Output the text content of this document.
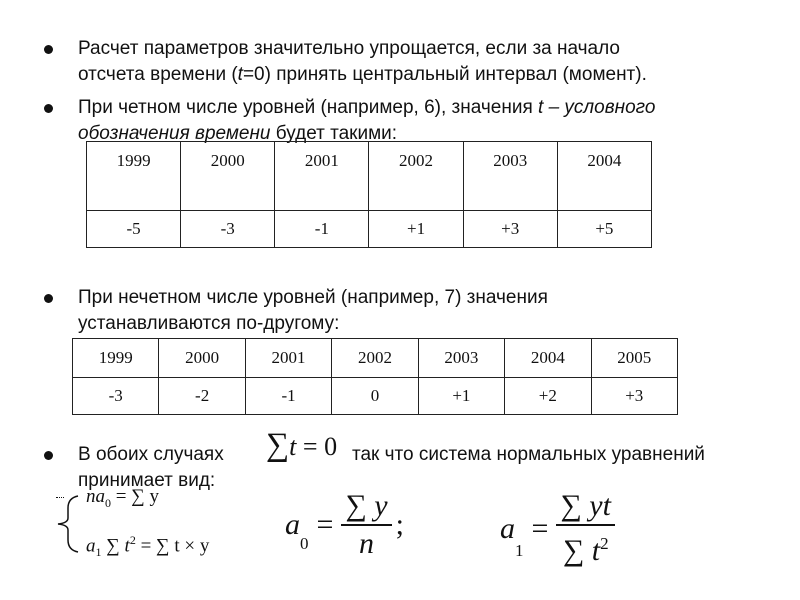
Расчет параметров значительно упрощается, если за начало
отсчета времени (t=0) принять центральный интервал (момент).
При четном числе уровней (например, 6), значения t – условного
обозначения времени будет такими:
1999	2000	2001	2002	2003	2004
-5	-3	-1	+1	+3	+5
При нечетном числе уровней (например, 7) значения
устанавливаются по-другому:
1999	2000	2001	2002	2003	2004	2005
-3	-2	-1	0	+1	+2	+3
В обоих случаях ∑t = 0 так что система нормальных уравнений
принимает вид:
$na_0$ = ∑ y
$a_1$ ∑ $t^2$ = ∑ t × y
a
$_0$
= $\frac{\sum y}{n}$ ;	a
$_1$
= $\frac{\sum yt}{\sum t^2}$
